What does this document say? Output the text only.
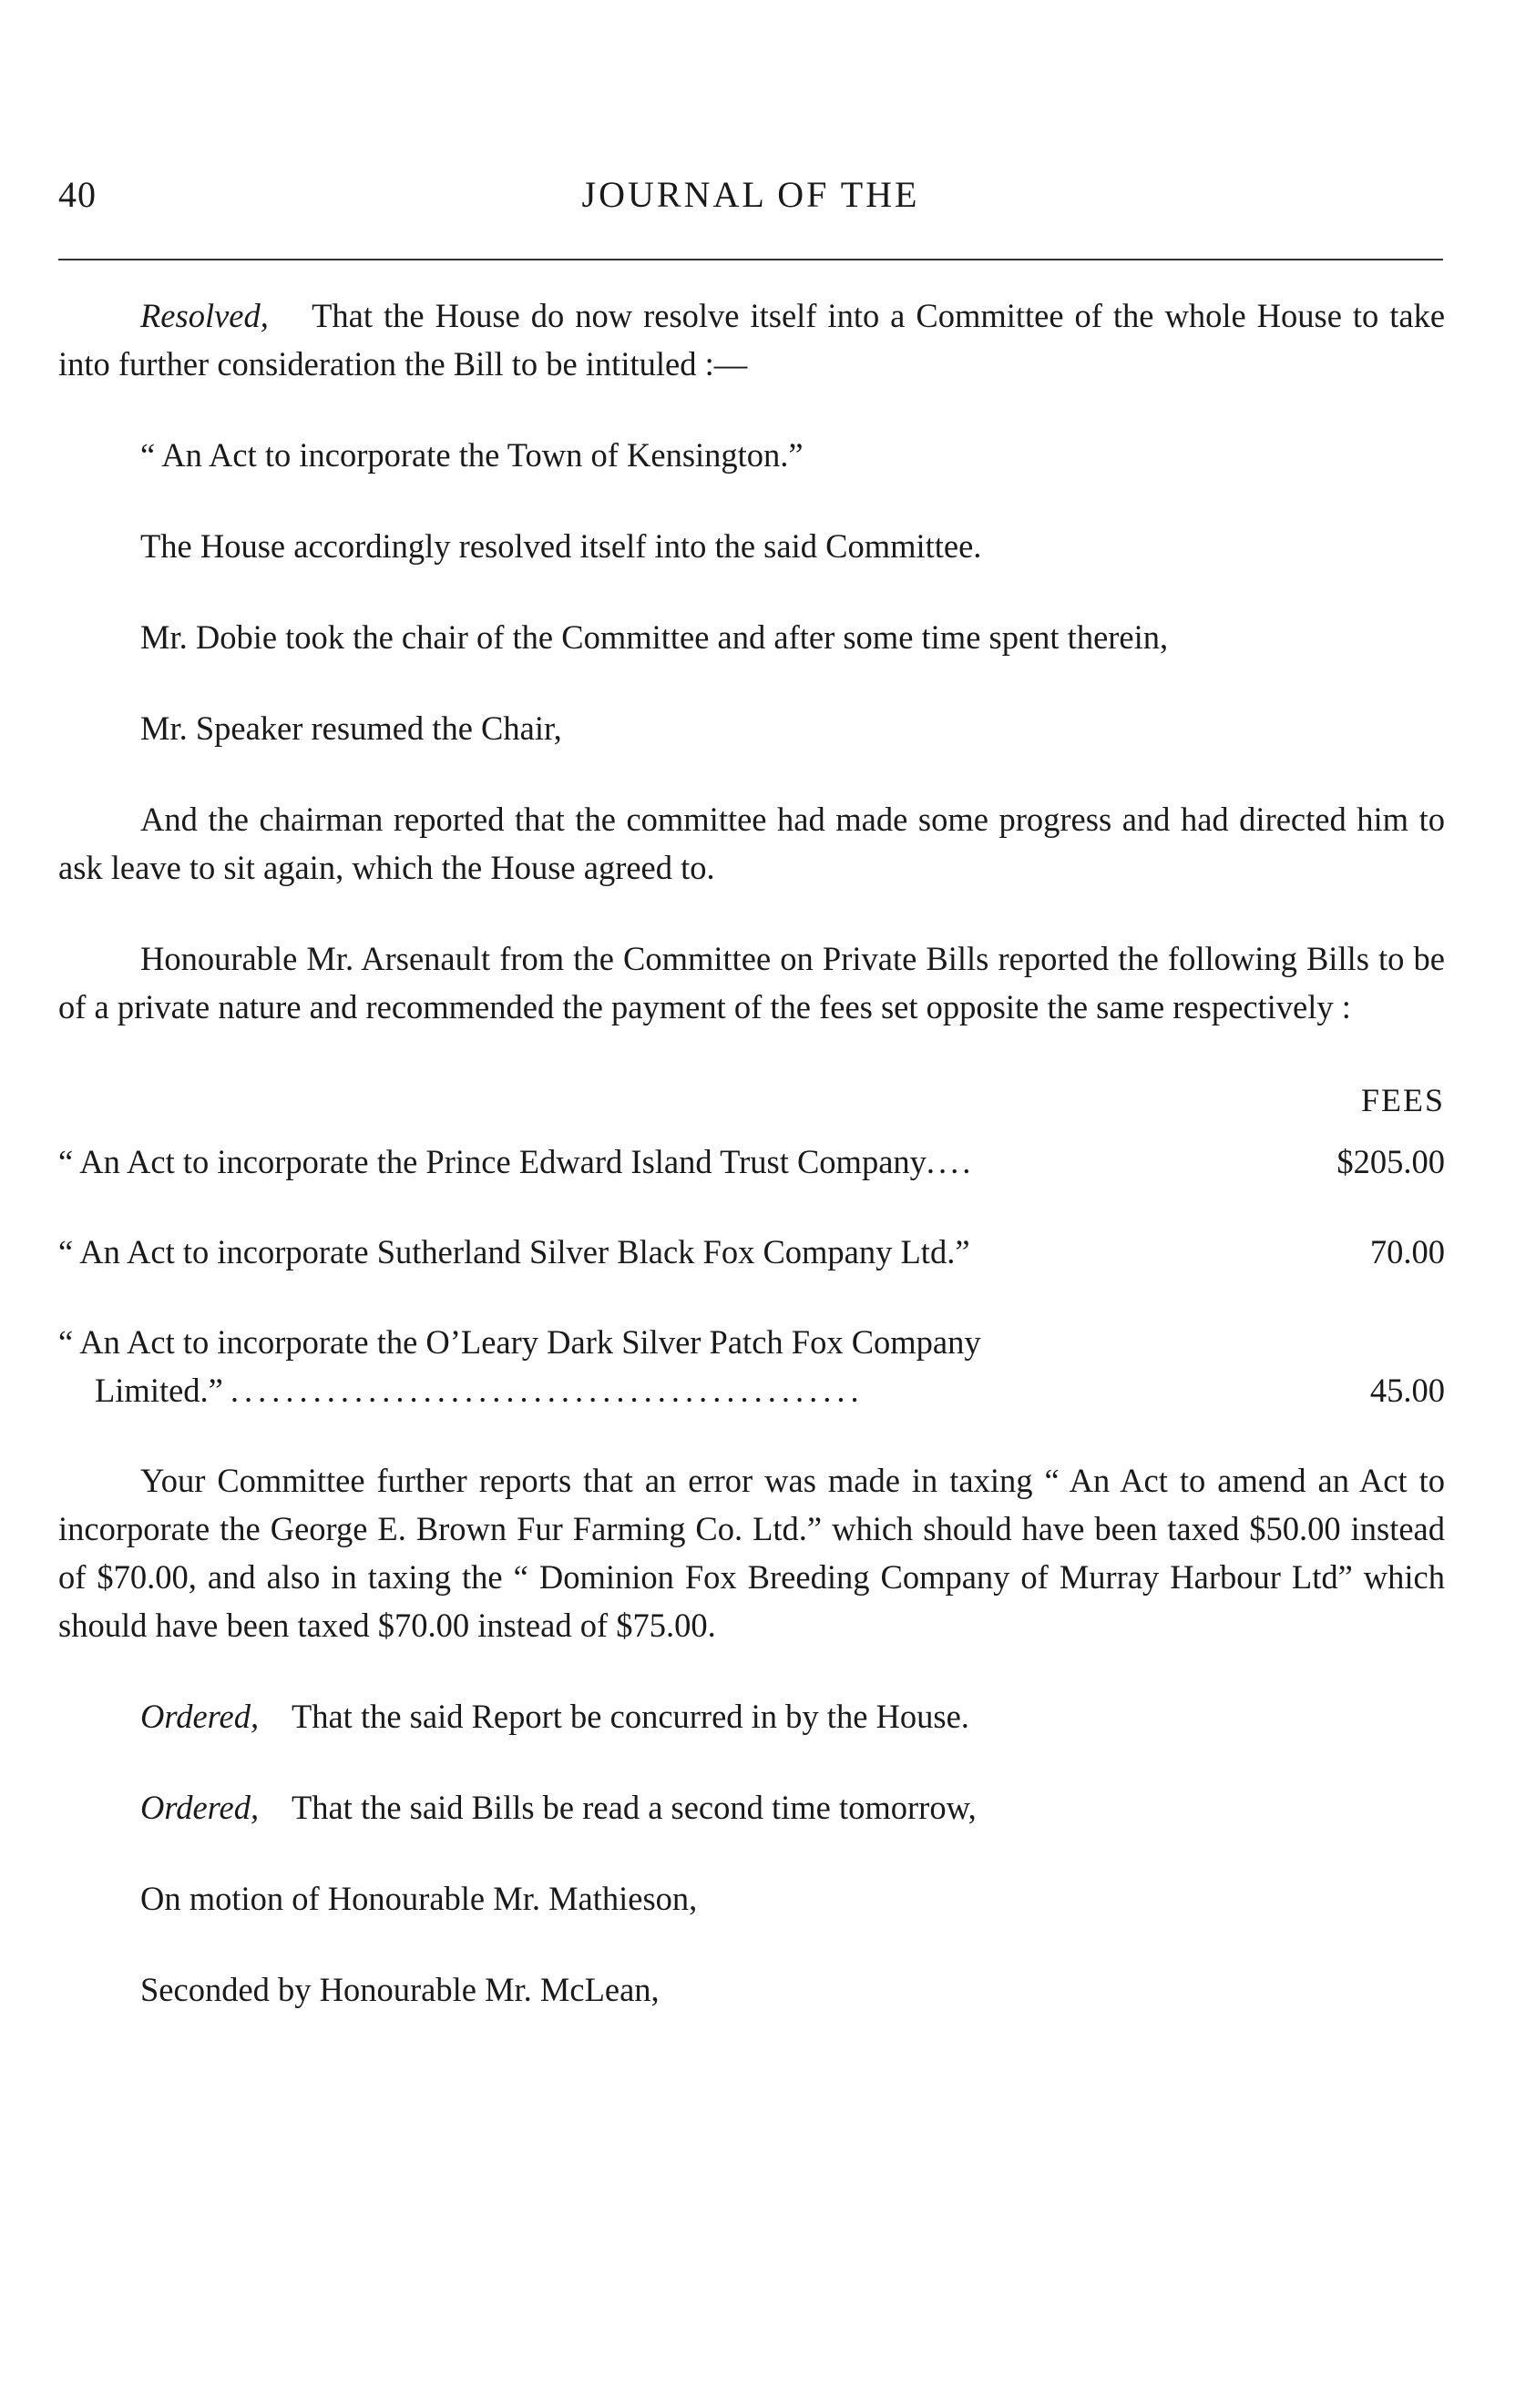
40	JOURNAL OF THE

Resolved, That the House do now resolve itself into a Committee of the whole House to take into further consideration the Bill to be intituled :—

“ An Act to incorporate the Town of Kensington.”

The House accordingly resolved itself into the said Committee.

Mr. Dobie took the chair of the Committee and after some time spent therein,

Mr. Speaker resumed the Chair,

And the chairman reported that the committee had made some progress and had directed him to ask leave to sit again, which the House agreed to.

Honourable Mr. Arsenault from the Committee on Private Bills reported the following Bills to be of a private nature and recommended the payment of the fees set opposite the same respectively :

FEES
“ An Act to incorporate the Prince Edward Island Trust Company....	$205.00
“ An Act to incorporate Sutherland Silver Black Fox Company Ltd.”	70.00
“ An Act to incorporate the O’Leary Dark Silver Patch Fox Company
Limited.” ..............................................	45.00

Your Committee further reports that an error was made in taxing “ An Act to amend an Act to incorporate the George E. Brown Fur Farming Co. Ltd.” which should have been taxed $50.00 instead of $70.00, and also in taxing the “ Dominion Fox Breeding Company of Murray Harbour Ltd” which should have been taxed $70.00 instead of $75.00.

Ordered, That the said Report be concurred in by the House.

Ordered, That the said Bills be read a second time tomorrow,

On motion of Honourable Mr. Mathieson,

Seconded by Honourable Mr. McLean,
